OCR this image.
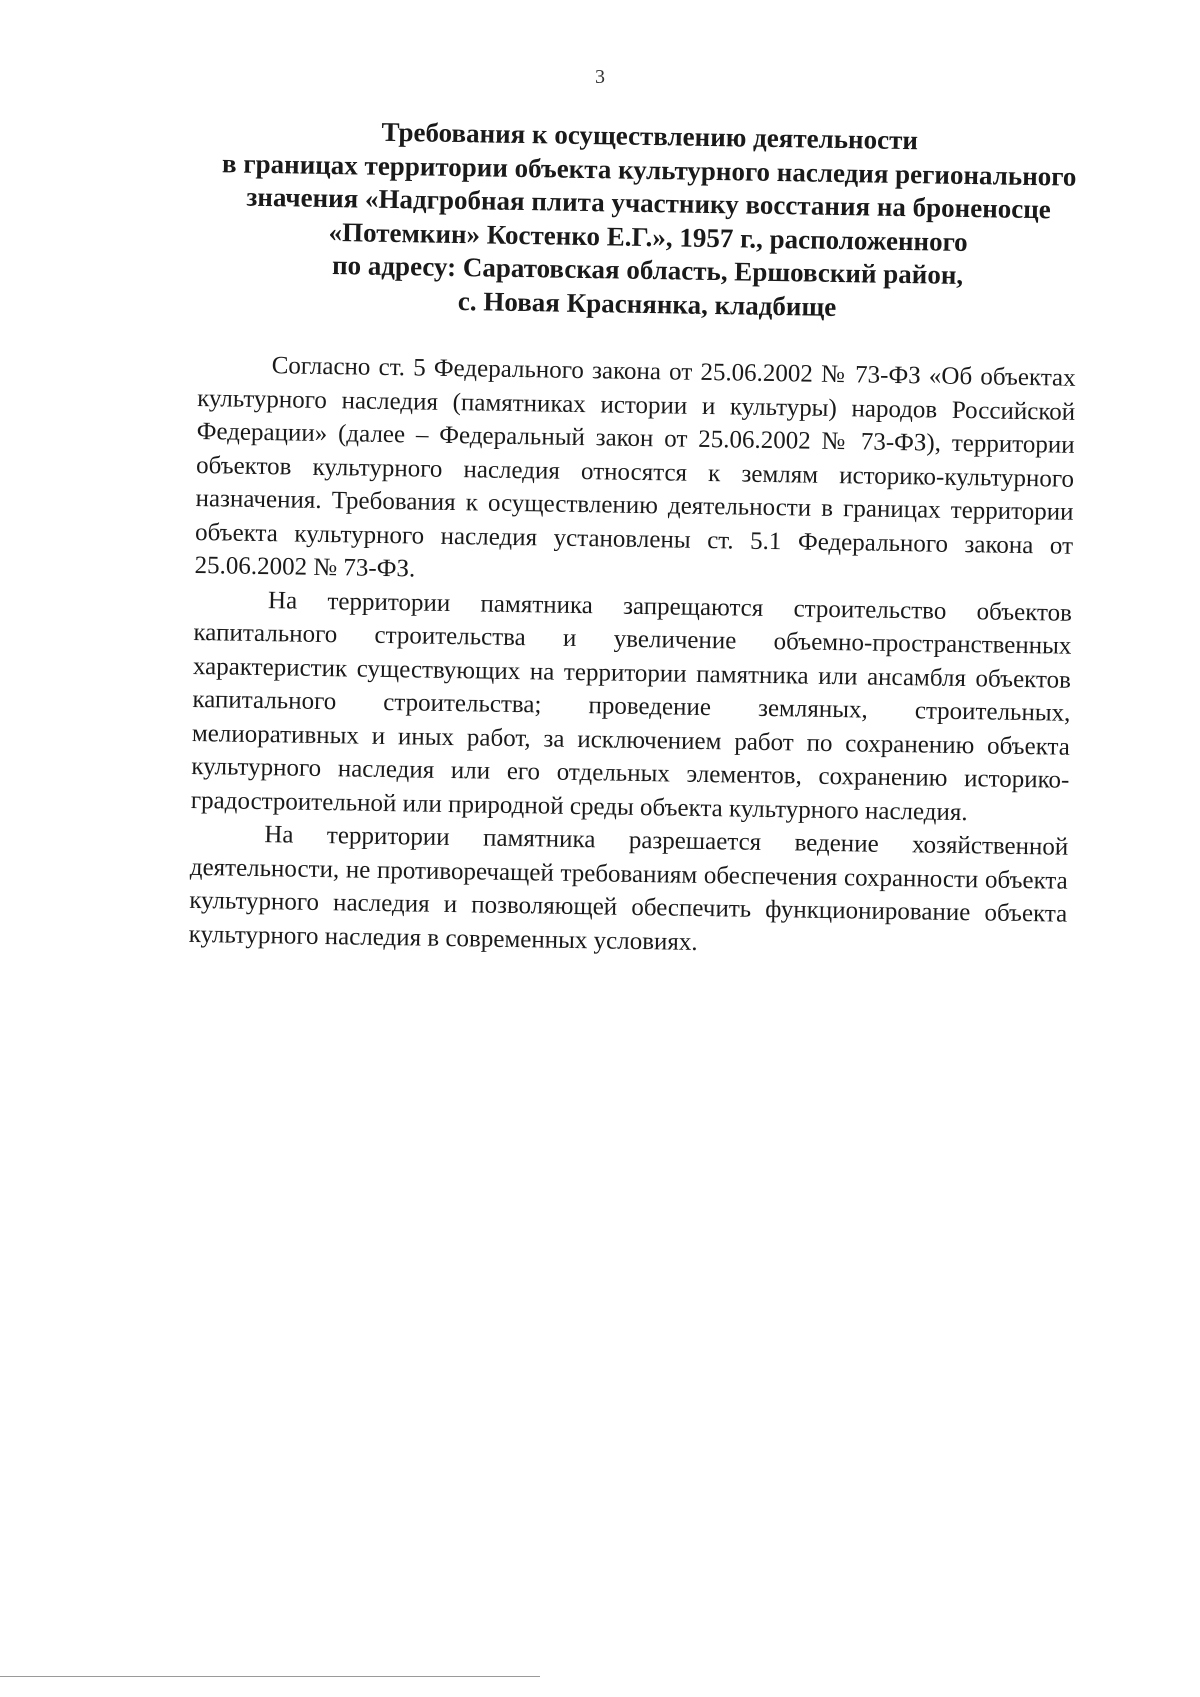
3
Требования к осуществлению деятельности
в границах территории объекта культурного наследия регионального
значения «Надгробная плита участнику восстания на броненосце
«Потемкин» Костенко Е.Г.», 1957 г., расположенного
по адресу: Саратовская область, Ершовский район,
с. Новая Краснянка, кладбище

Согласно ст. 5 Федерального закона от 25.06.2002 № 73-ФЗ «Об объектах культурного наследия (памятниках истории и культуры) народов Российской Федерации» (далее – Федеральный закон от 25.06.2002 № 73-ФЗ), территории объектов культурного наследия относятся к землям историко-культурного назначения. Требования к осуществлению деятельности в границах территории объекта культурного наследия установлены ст. 5.1 Федерального закона от 25.06.2002 № 73-ФЗ.

На территории памятника запрещаются строительство объектов капитального строительства и увеличение объемно-пространственных характеристик существующих на территории памятника или ансамбля объектов капитального строительства; проведение земляных, строительных, мелиоративных и иных работ, за исключением работ по сохранению объекта культурного наследия или его отдельных элементов, сохранению историко-градостроительной или природной среды объекта культурного наследия.

На территории памятника разрешается ведение хозяйственной деятельности, не противоречащей требованиям обеспечения сохранности объекта культурного наследия и позволяющей обеспечить функционирование объекта культурного наследия в современных условиях.
